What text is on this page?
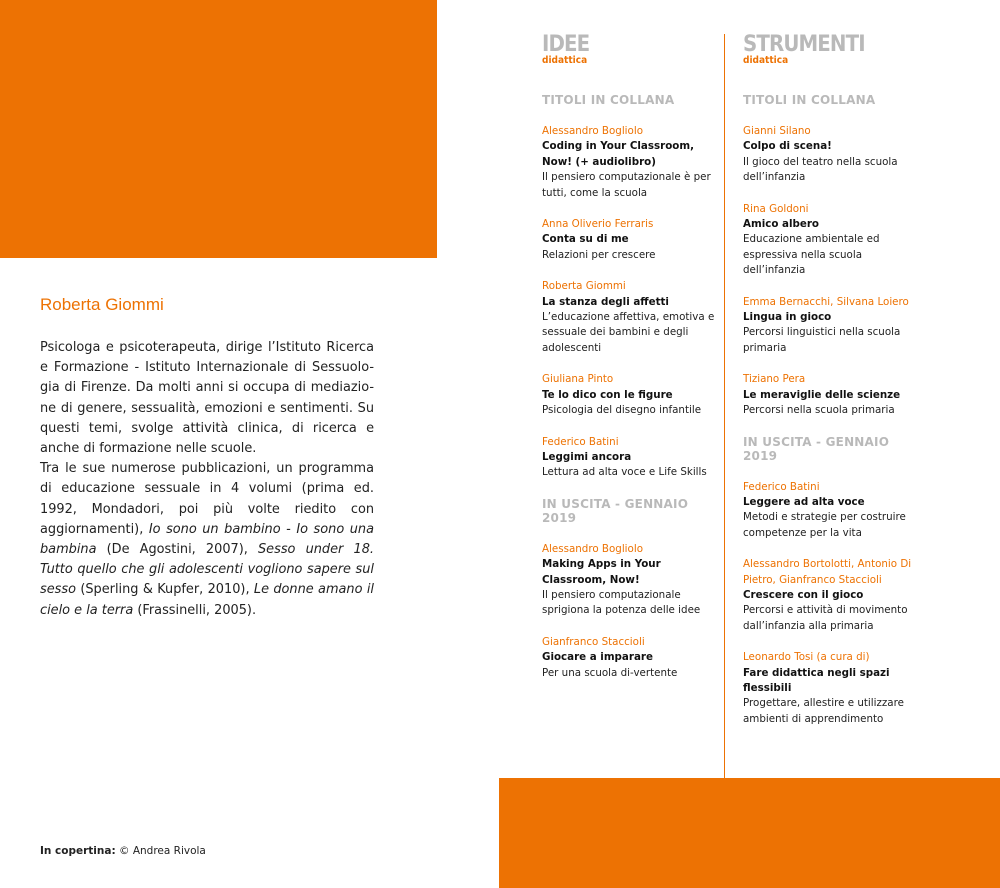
Roberta Giommi

Psicologa e psicoterapeuta, dirige l’Istituto Ricerca e Formazione - Istituto Internazionale di Sessuolo-gia di Firenze. Da molti anni si occupa di mediazio-ne di genere, sessualità, emozioni e sentimenti. Su questi temi, svolge attività clinica, di ricerca e anche di formazione nelle scuole.

Tra le sue numerose pubblicazioni, un programma di educazione sessuale in 4 volumi (prima ed. 1992, Mondadori, poi più volte riedito con aggiornamenti), Io sono un bambino - Io sono una bambina (De Agostini, 2007), Sesso under 18. Tutto quello che gli adolescenti vogliono sapere sul sesso (Sperling & Kupfer, 2010), Le donne amano il cielo e la terra (Frassinelli, 2005).

In copertina: © Andrea Rivola
IDEE
didattica
TITOLI IN COLLANA
Alessandro Bogliolo
Coding in Your Classroom, Now! (+ audiolibro)
Il pensiero computazionale è per tutti, come la scuola
Anna Oliverio Ferraris
Conta su di me
Relazioni per crescere
Roberta Giommi
La stanza degli affetti
L’educazione affettiva, emotiva e sessuale dei bambini e degli adolescenti
Giuliana Pinto
Te lo dico con le figure
Psicologia del disegno infantile
Federico Batini
Leggimi ancora
Lettura ad alta voce e Life Skills
IN USCITA - GENNAIO 2019
Alessandro Bogliolo
Making Apps in Your Classroom, Now!
Il pensiero computazionale sprigiona la potenza delle idee
Gianfranco Staccioli
Giocare a imparare
Per una scuola di-vertente
STRUMENTI
didattica
TITOLI IN COLLANA
Gianni Silano
Colpo di scena!
Il gioco del teatro nella scuola dell’infanzia
Rina Goldoni
Amico albero
Educazione ambientale ed espressiva nella scuola dell’infanzia
Emma Bernacchi, Silvana Loiero
Lingua in gioco
Percorsi linguistici nella scuola primaria
Tiziano Pera
Le meraviglie delle scienze
Percorsi nella scuola primaria
IN USCITA - GENNAIO 2019
Federico Batini
Leggere ad alta voce
Metodi e strategie per costruire competenze per la vita
Alessandro Bortolotti, Antonio Di Pietro, Gianfranco Staccioli
Crescere con il gioco
Percorsi e attività di movimento dall’infanzia alla primaria
Leonardo Tosi (a cura di)
Fare didattica negli spazi flessibili
Progettare, allestire e utilizzare ambienti di apprendimento
